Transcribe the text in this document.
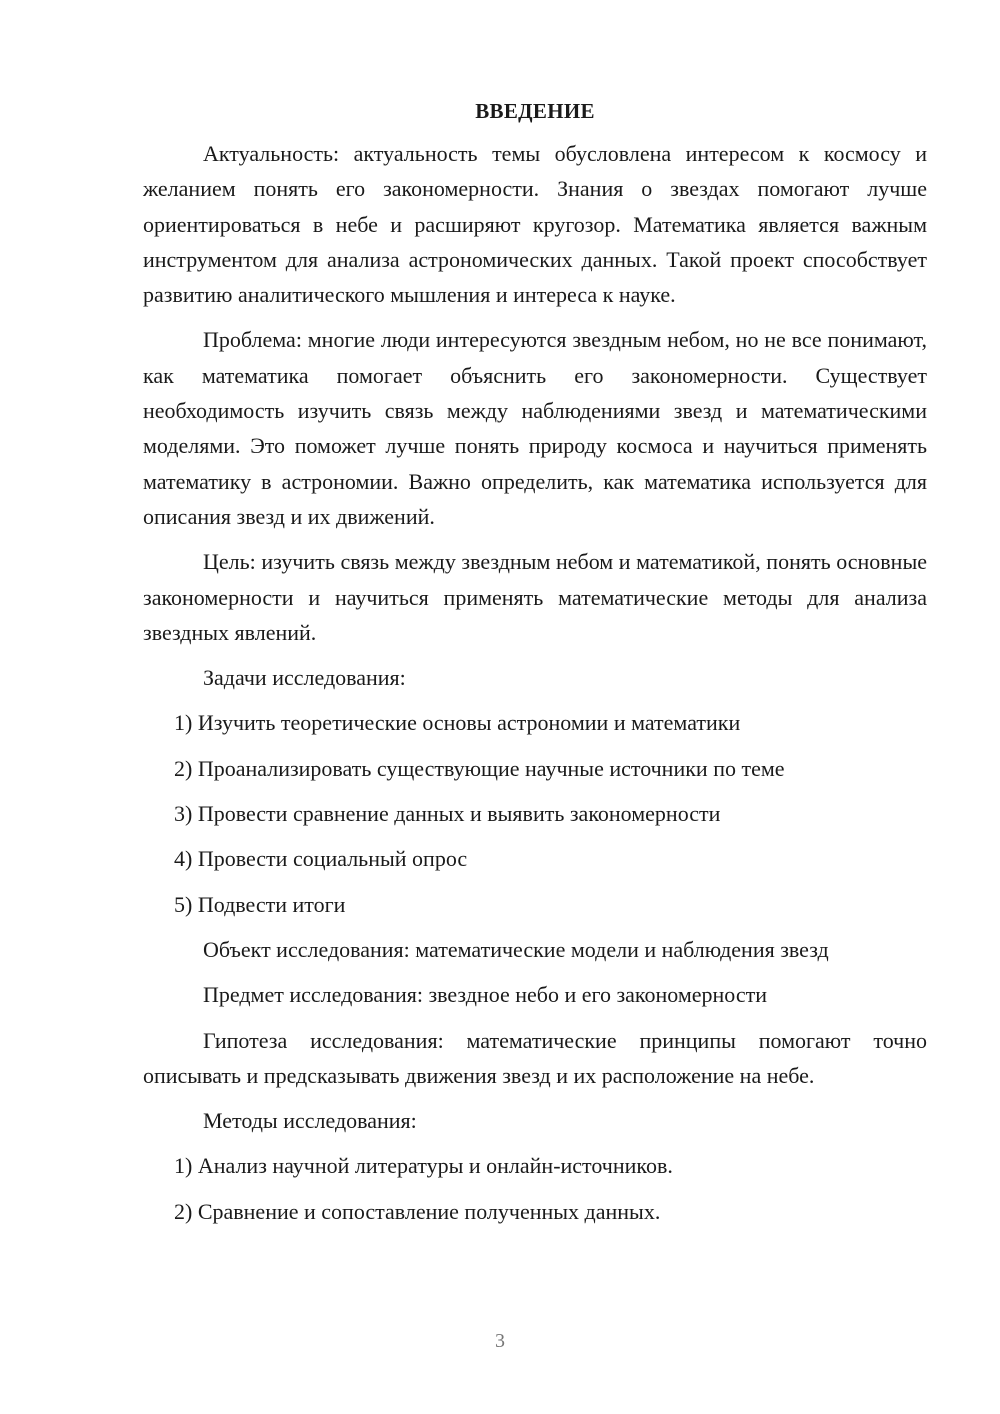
ВВЕДЕНИЕ

Актуальность: актуальность темы обусловлена интересом к космосу и желанием понять его закономерности. Знания о звездах помогают лучше ориентироваться в небе и расширяют кругозор. Математика является важным инструментом для анализа астрономических данных. Такой проект способствует развитию аналитического мышления и интереса к науке.

Проблема: многие люди интересуются звездным небом, но не все понимают, как математика помогает объяснить его закономерности. Существует необходимость изучить связь между наблюдениями звезд и математическими моделями. Это поможет лучше понять природу космоса и научиться применять математику в астрономии. Важно определить, как математика используется для описания звезд и их движений.

Цель: изучить связь между звездным небом и математикой, понять основные закономерности и научиться применять математические методы для анализа звездных явлений.

Задачи исследования:

1) Изучить теоретические основы астрономии и математики

2) Проанализировать существующие научные источники по теме

3) Провести сравнение данных и выявить закономерности

4) Провести социальный опрос

5) Подвести итоги

Объект исследования: математические модели и наблюдения звезд

Предмет исследования: звездное небо и его закономерности

Гипотеза исследования: математические принципы помогают точно описывать и предсказывать движения звезд и их расположение на небе.

Методы исследования:

1) Анализ научной литературы и онлайн-источников.

2) Сравнение и сопоставление полученных данных.

3
